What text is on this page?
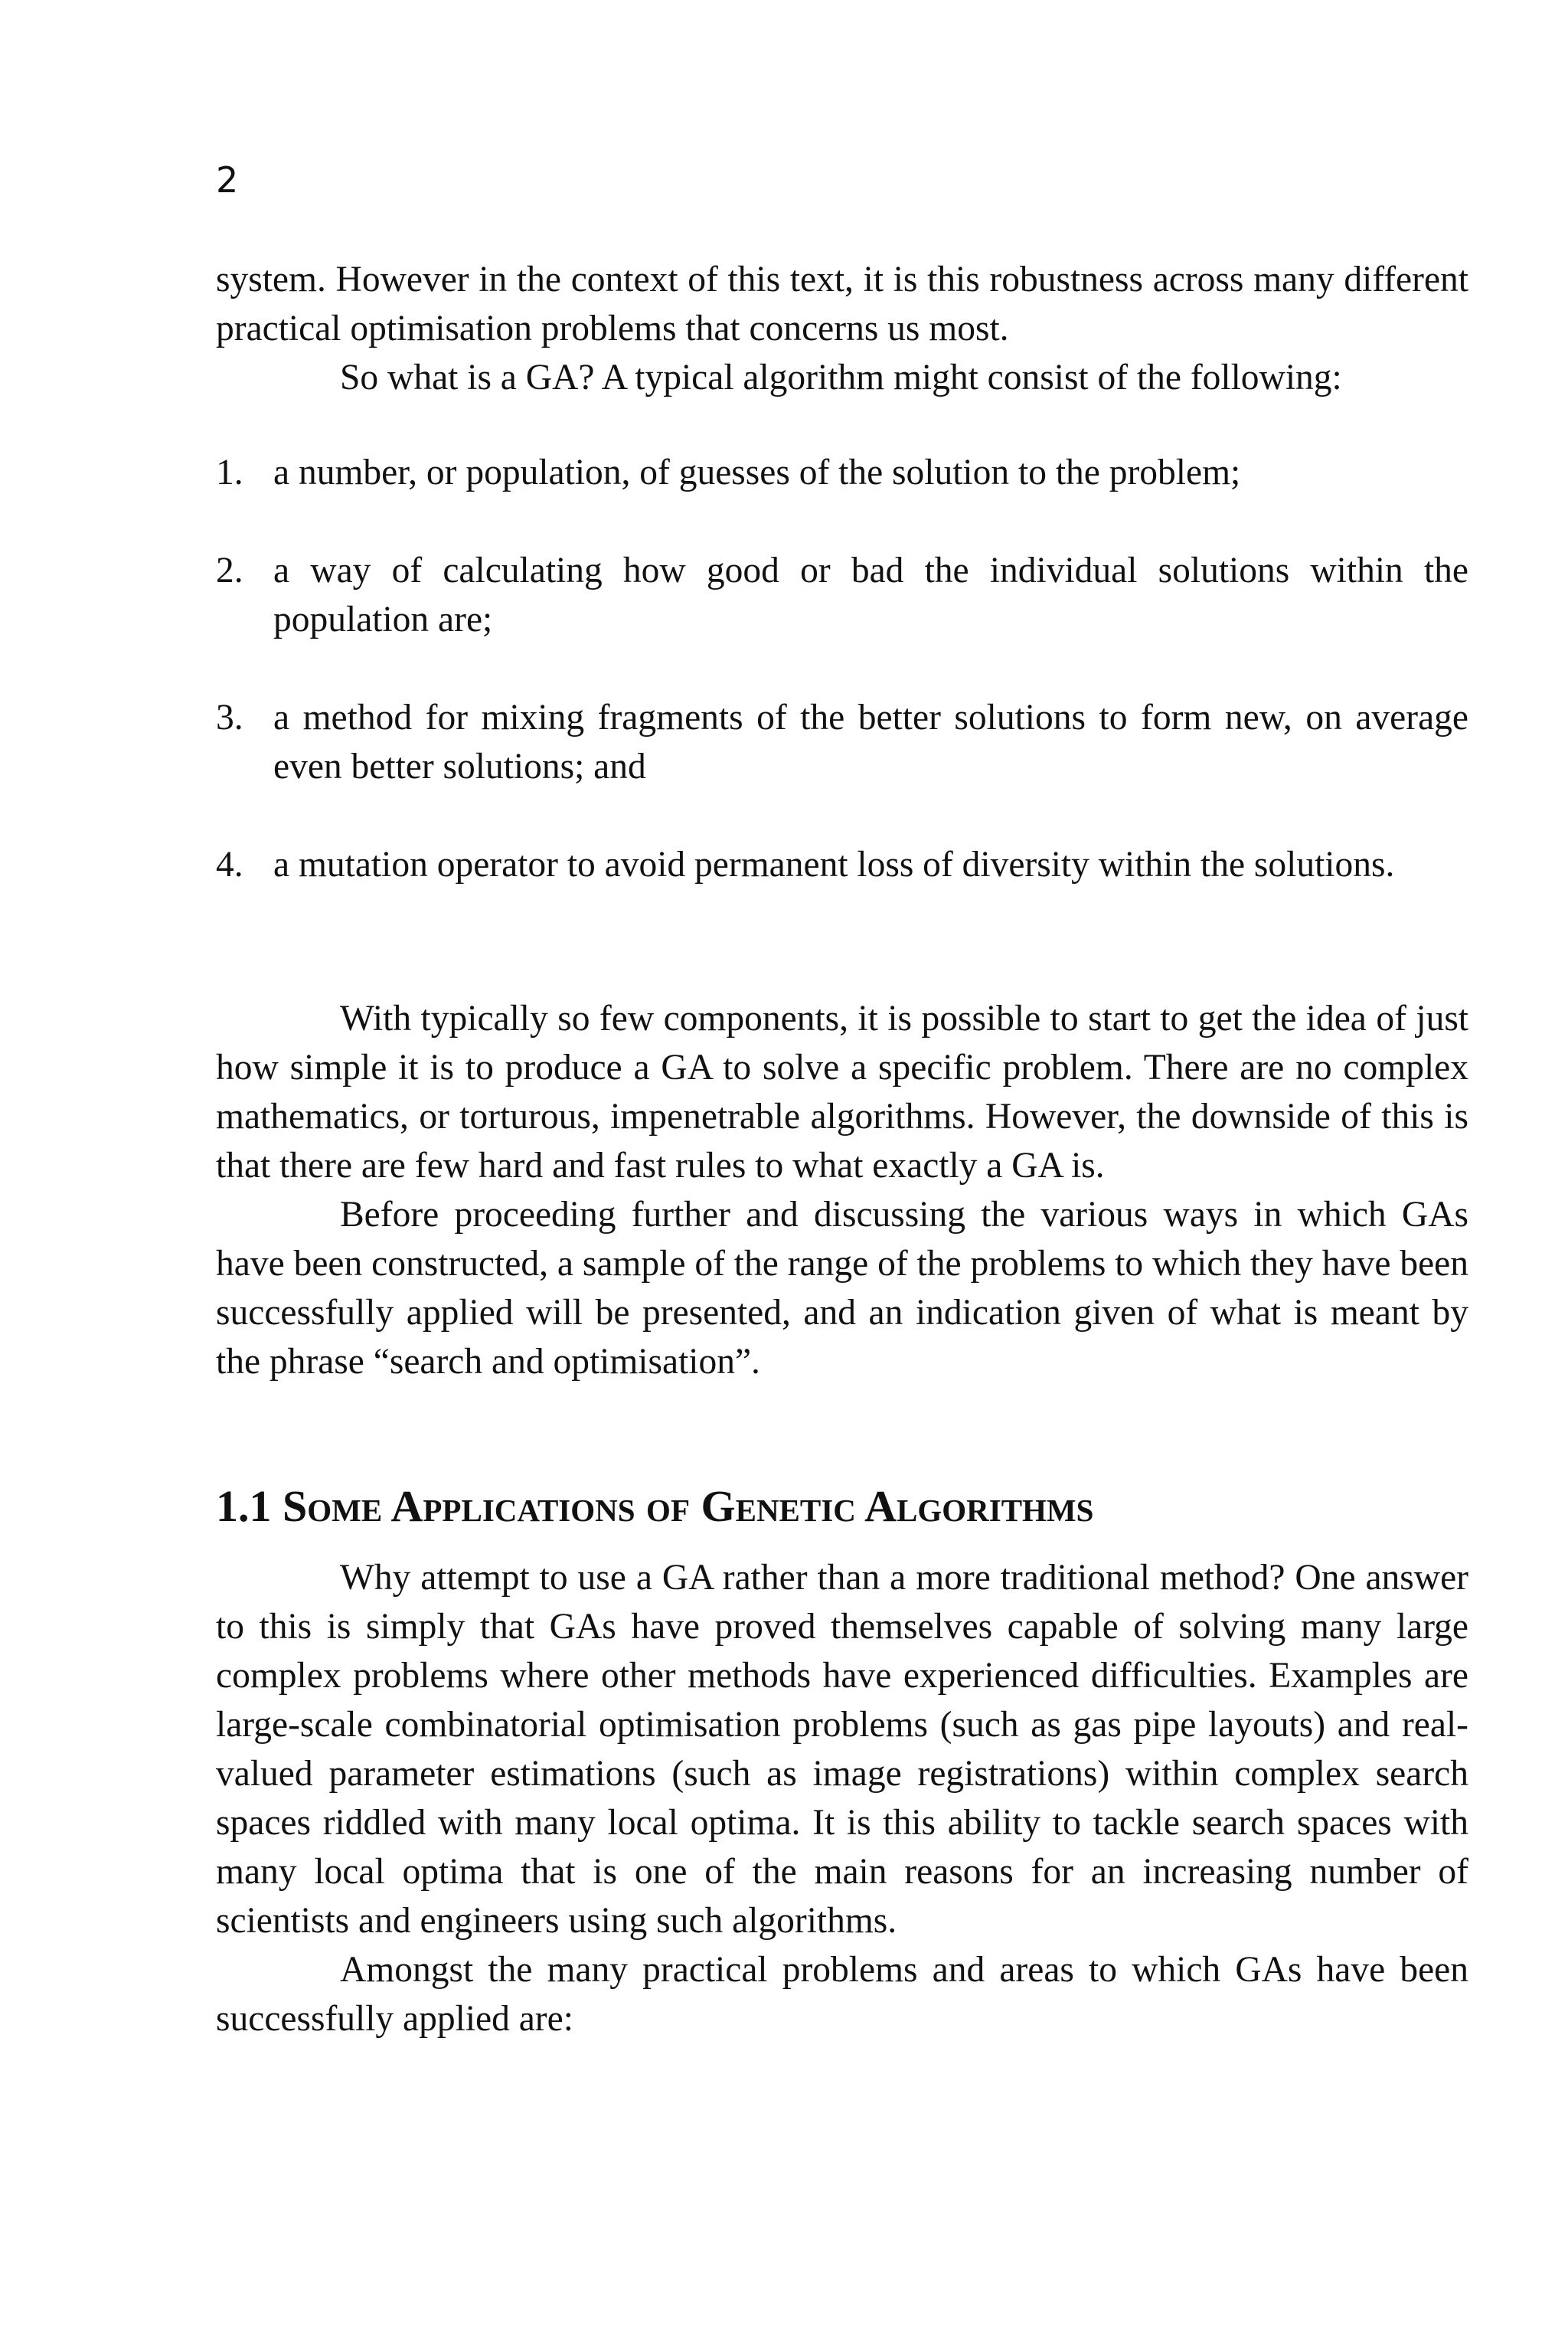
2

system. However in the context of this text, it is this robustness across many different practical optimisation problems that concerns us most.

So what is a GA? A typical algorithm might consist of the following:

1. a number, or population, of guesses of the solution to the problem;
2. a way of calculating how good or bad the individual solutions within the population are;
3. a method for mixing fragments of the better solutions to form new, on average even better solutions; and
4. a mutation operator to avoid permanent loss of diversity within the solutions.

With typically so few components, it is possible to start to get the idea of just how simple it is to produce a GA to solve a specific problem. There are no complex mathematics, or torturous, impenetrable algorithms. However, the downside of this is that there are few hard and fast rules to what exactly a GA is.

Before proceeding further and discussing the various ways in which GAs have been constructed, a sample of the range of the problems to which they have been successfully applied will be presented, and an indication given of what is meant by the phrase “search and optimisation”.

1.1 Some Applications of Genetic Algorithms

Why attempt to use a GA rather than a more traditional method? One answer to this is simply that GAs have proved themselves capable of solving many large complex problems where other methods have experienced difficulties. Examples are large-scale combinatorial optimisation problems (such as gas pipe layouts) and real-valued parameter estimations (such as image registrations) within complex search spaces riddled with many local optima. It is this ability to tackle search spaces with many local optima that is one of the main reasons for an increasing number of scientists and engineers using such algorithms.

Amongst the many practical problems and areas to which GAs have been successfully applied are:
